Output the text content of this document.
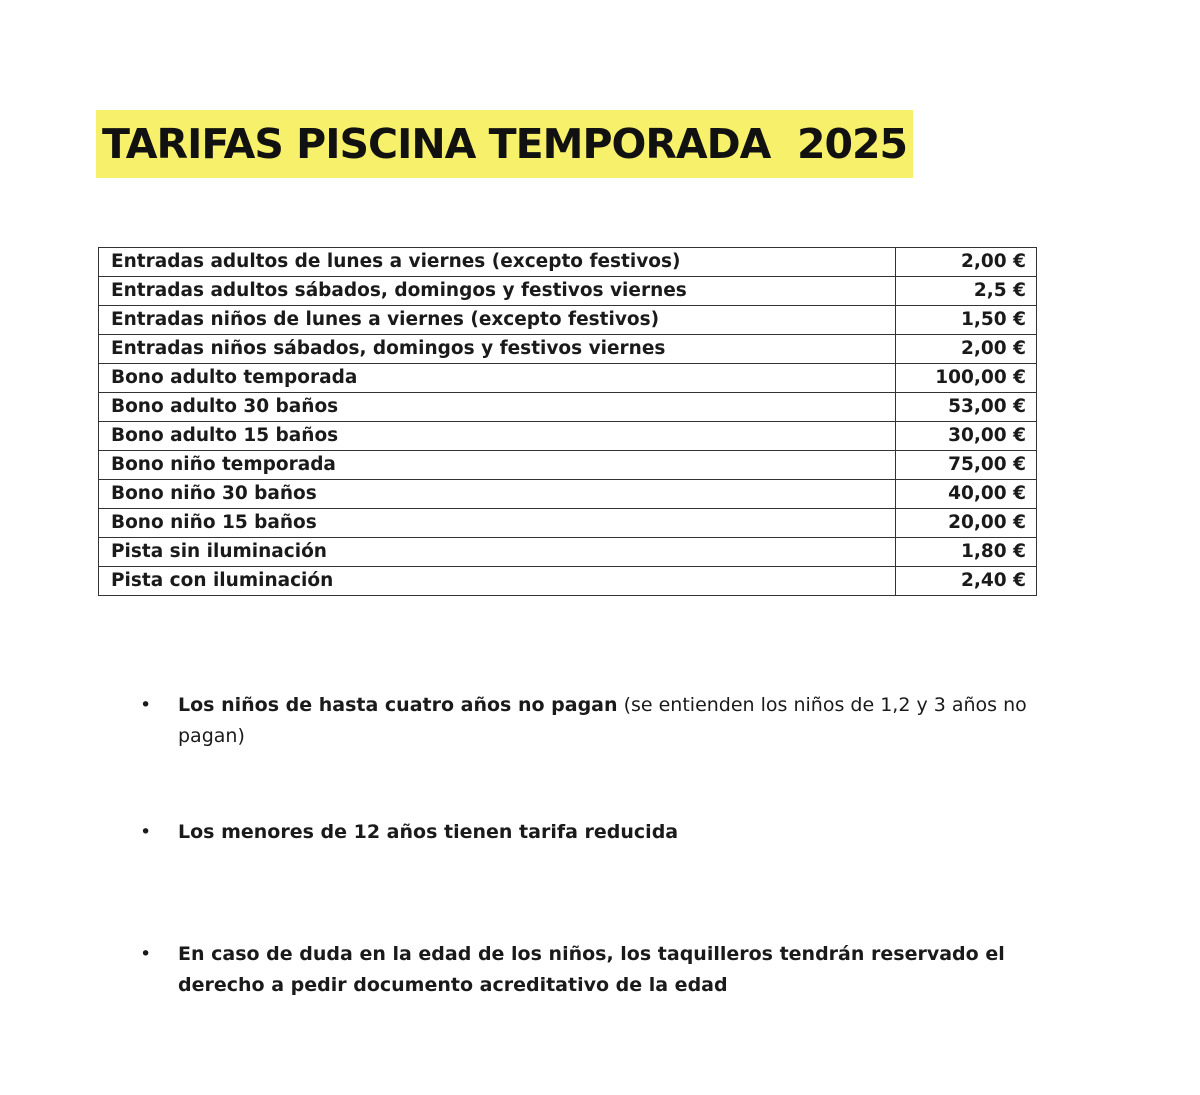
TARIFAS PISCINA TEMPORADA  2025
Entradas adultos de lunes a viernes (excepto festivos)	2,00 €
Entradas adultos sábados, domingos y festivos viernes	2,5 €
Entradas niños de lunes a viernes (excepto festivos)	1,50 €
Entradas niños sábados, domingos y festivos viernes	2,00 €
Bono adulto temporada	100,00 €
Bono adulto 30 baños	53,00 €
Bono adulto 15 baños	30,00 €
Bono niño temporada	75,00 €
Bono niño 30 baños	40,00 €
Bono niño 15 baños	20,00 €
Pista sin iluminación	1,80 €
Pista con iluminación	2,40 €
• Los niños de hasta cuatro años no pagan (se entienden los niños de 1,2 y 3 años no pagan)
• Los menores de 12 años tienen tarifa reducida
• En caso de duda en la edad de los niños, los taquilleros tendrán reservado el derecho a pedir documento acreditativo de la edad
